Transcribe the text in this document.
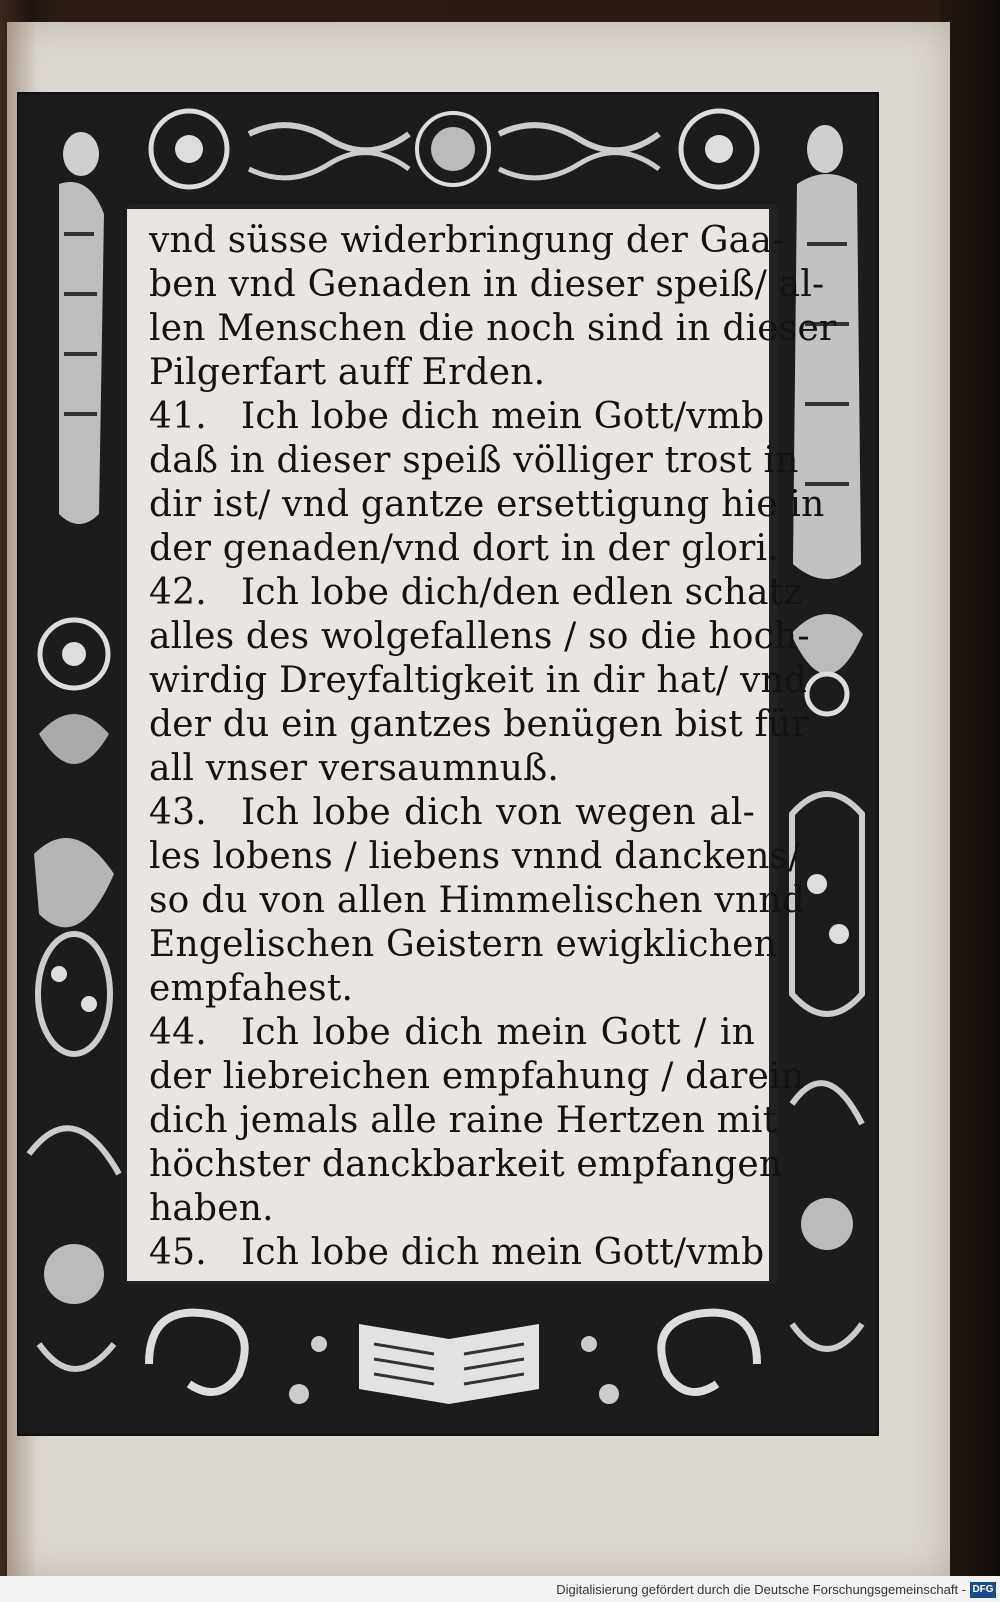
vnd süsse widerbringung der Gaa-
ben vnd Genaden in dieser speiß/ al-
len Menschen die noch sind in dieser
Pilgerfart auff Erden.
41. Ich lobe dich mein Gott/vmb
daß in dieser speiß völliger trost in
dir ist/ vnd gantze ersettigung hie in
der genaden/vnd dort in der glori.
42. Ich lobe dich/den edlen schatz
alles des wolgefallens / so die hoch-
wirdig Dreyfaltigkeit in dir hat/ vnd
der du ein gantzes benügen bist für
all vnser versaumnuß.
43. Ich lobe dich von wegen al-
les lobens / liebens vnnd danckens/
so du von allen Himmelischen vnnd
Engelischen Geistern ewigklichen
empfahest.
44. Ich lobe dich mein Gott / in
der liebreichen empfahung / darein
dich jemals alle raine Hertzen mit
höchster danckbarkeit empfangen
haben.
45. Ich lobe dich mein Gott/vmb
Digitalisierung gefördert durch die Deutsche Forschungsgemeinschaft - DFG
